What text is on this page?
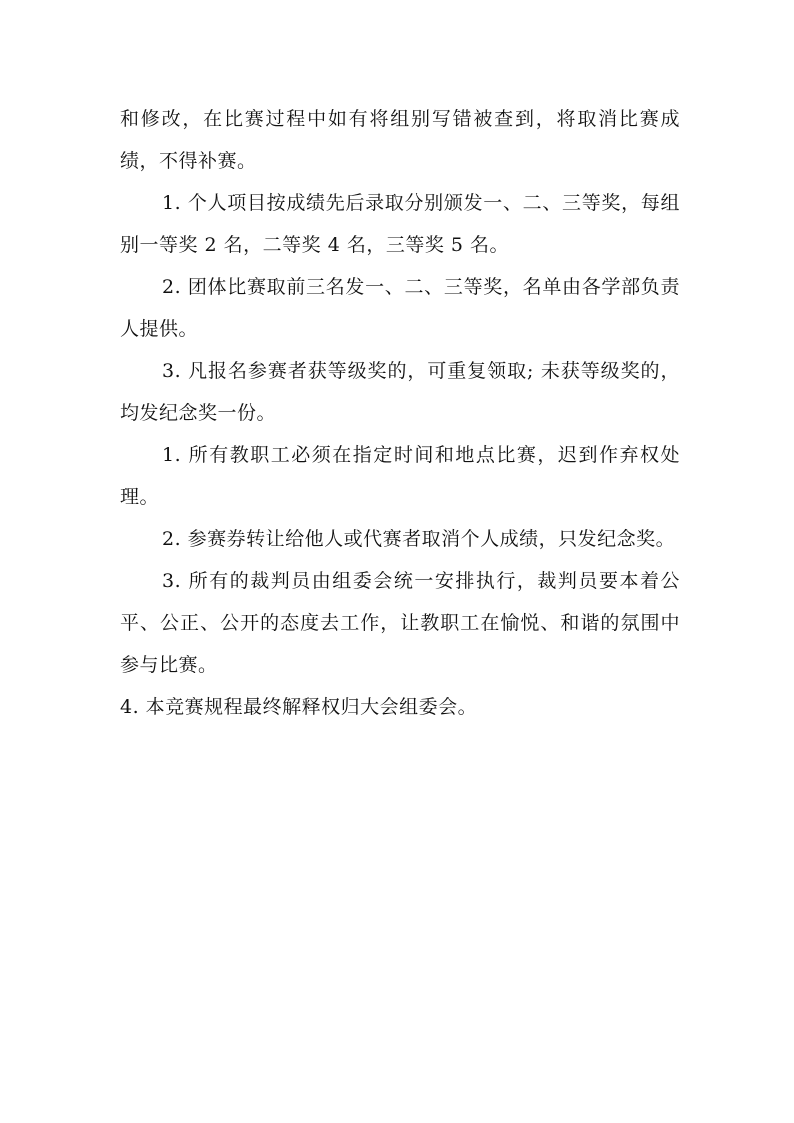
和修改，在比赛过程中如有将组别写错被查到，将取消比赛成绩，不得补赛。

1. 个人项目按成绩先后录取分别颁发一、二、三等奖，每组别一等奖 2 名，二等奖 4 名，三等奖 5 名。

2. 团体比赛取前三名发一、二、三等奖，名单由各学部负责人提供。

3. 凡报名参赛者获等级奖的，可重复领取; 未获等级奖的，均发纪念奖一份。

1. 所有教职工必须在指定时间和地点比赛，迟到作弃权处理。

2. 参赛券转让给他人或代赛者取消个人成绩，只发纪念奖。

3. 所有的裁判员由组委会统一安排执行，裁判员要本着公平、公正、公开的态度去工作，让教职工在愉悦、和谐的氛围中参与比赛。

4. 本竞赛规程最终解释权归大会组委会。
